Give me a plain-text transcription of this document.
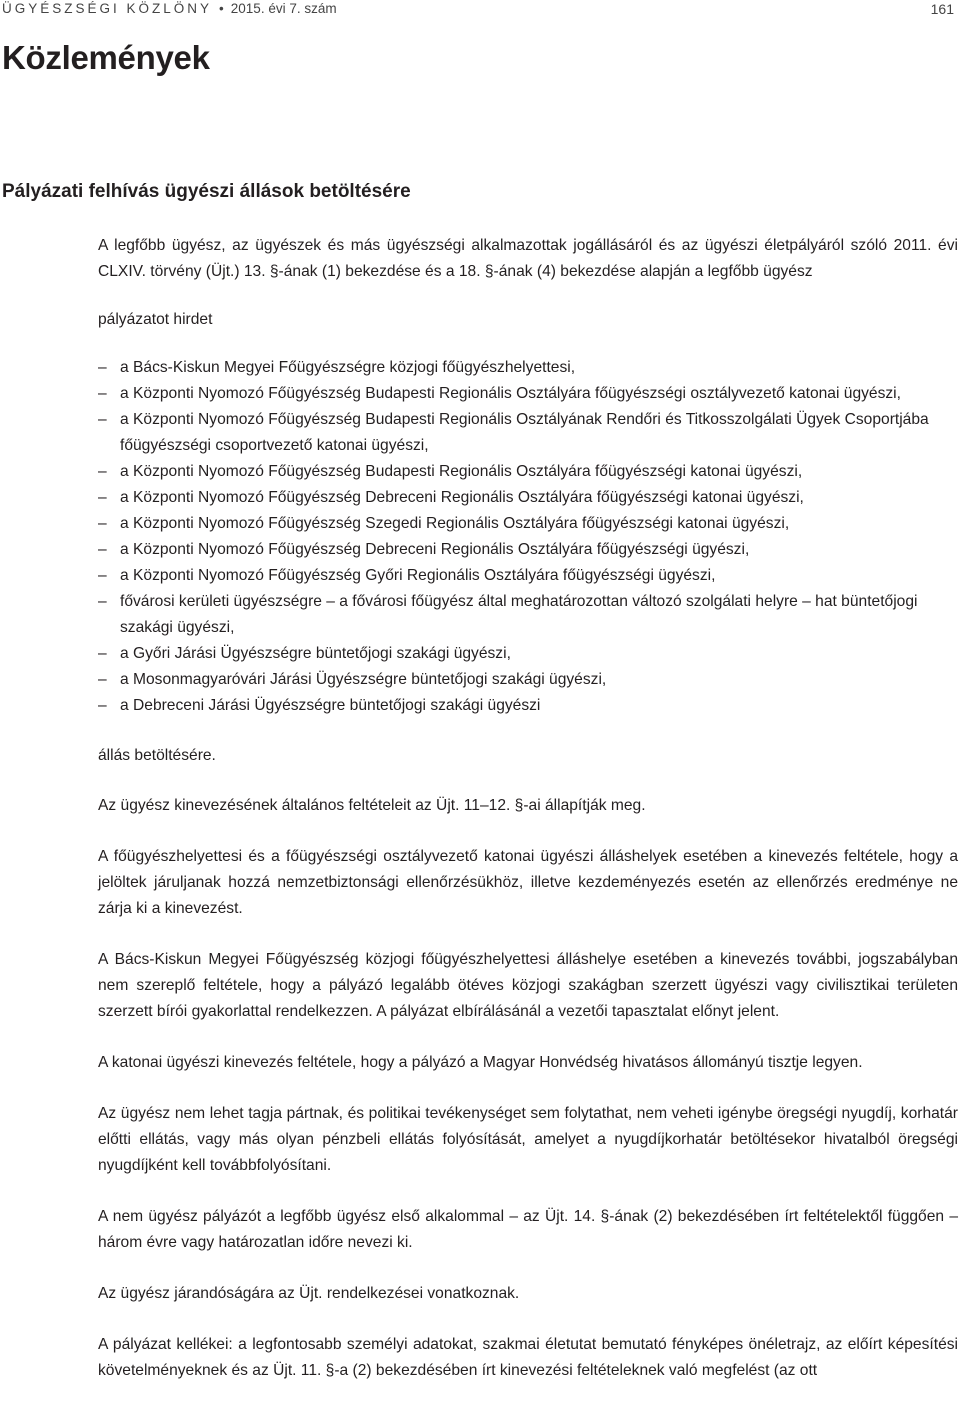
ÜGYÉSZSÉGI KÖZLÖNY • 2015. évi 7. szám	161
Közlemények
Pályázati felhívás ügyészi állások betöltésére

A legfőbb ügyész, az ügyészek és más ügyészségi alkalmazottak jogállásáról és az ügyészi életpályáról szóló 2011. évi CLXIV. törvény (Üjt.) 13. §-ának (1) bekezdése és a 18. §-ának (4) bekezdése alapján a legfőbb ügyész

pályázatot hirdet

– a Bács-Kiskun Megyei Főügyészségre közjogi főügyészhelyettesi,
– a Központi Nyomozó Főügyészség Budapesti Regionális Osztályára főügyészségi osztályvezető katonai ügyészi,
– a Központi Nyomozó Főügyészség Budapesti Regionális Osztályának Rendőri és Titkosszolgálati Ügyek Csoportjába főügyészségi csoportvezető katonai ügyészi,
– a Központi Nyomozó Főügyészség Budapesti Regionális Osztályára főügyészségi katonai ügyészi,
– a Központi Nyomozó Főügyészség Debreceni Regionális Osztályára főügyészségi katonai ügyészi,
– a Központi Nyomozó Főügyészség Szegedi Regionális Osztályára főügyészségi katonai ügyészi,
– a Központi Nyomozó Főügyészség Debreceni Regionális Osztályára főügyészségi ügyészi,
– a Központi Nyomozó Főügyészség Győri Regionális Osztályára főügyészségi ügyészi,
– fővárosi kerületi ügyészségre – a fővárosi főügyész által meghatározottan változó szolgálati helyre – hat büntetőjogi szakági ügyészi,
– a Győri Járási Ügyészségre büntetőjogi szakági ügyészi,
– a Mosonmagyaróvári Járási Ügyészségre büntetőjogi szakági ügyészi,
– a Debreceni Járási Ügyészségre büntetőjogi szakági ügyészi

állás betöltésére.

Az ügyész kinevezésének általános feltételeit az Üjt. 11–12. §-ai állapítják meg.

A főügyészhelyettesi és a főügyészségi osztályvezető katonai ügyészi álláshelyek esetében a kinevezés feltétele, hogy a jelöltek járuljanak hozzá nemzetbiztonsági ellenőrzésükhöz, illetve kezdeményezés esetén az ellenőrzés eredménye ne zárja ki a kinevezést.

A Bács-Kiskun Megyei Főügyészség közjogi főügyészhelyettesi álláshelye esetében a kinevezés további, jogszabályban nem szereplő feltétele, hogy a pályázó legalább ötéves közjogi szakágban szerzett ügyészi vagy civilisztikai területen szerzett bírói gyakorlattal rendelkezzen. A pályázat elbírálásánál a vezetői tapasztalat előnyt jelent.

A katonai ügyészi kinevezés feltétele, hogy a pályázó a Magyar Honvédség hivatásos állományú tisztje legyen.

Az ügyész nem lehet tagja pártnak, és politikai tevékenységet sem folytathat, nem veheti igénybe öregségi nyugdíj, korhatár előtti ellátás, vagy más olyan pénzbeli ellátás folyósítását, amelyet a nyugdíjkorhatár betöltésekor hivatalból öregségi nyugdíjként kell továbbfolyósítani.

A nem ügyész pályázót a legfőbb ügyész első alkalommal – az Üjt. 14. §-ának (2) bekezdésében írt feltételektől függően – három évre vagy határozatlan időre nevezi ki.

Az ügyész járandóságára az Üjt. rendelkezései vonatkoznak.

A pályázat kellékei: a legfontosabb személyi adatokat, szakmai életutat bemutató fényképes önéletrajz, az előírt képesítési követelményeknek és az Üjt. 11. §-a (2) bekezdésében írt kinevezési feltételeknek való megfelést (az ott
